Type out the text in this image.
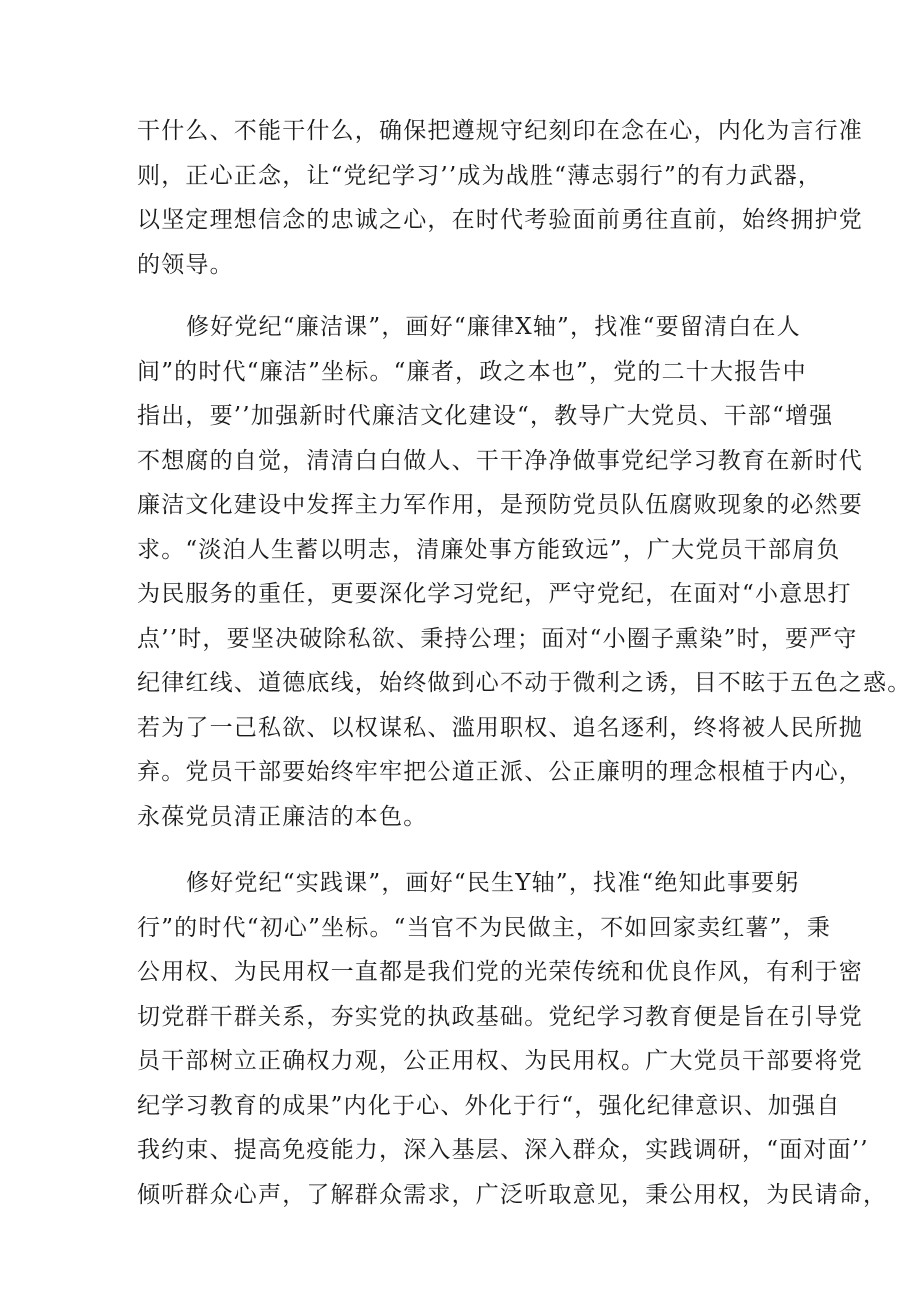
干什么、不能干什么，确保把遵规守纪刻印在念在心，内化为言行准
则，正心正念，让“党纪学习’’成为战胜“薄志弱行”的有力武器，
以坚定理想信念的忠诚之心，在时代考验面前勇往直前，始终拥护党
的领导。

修好党纪“廉洁课”，画好“廉律X轴”，找准“要留清白在人
间”的时代“廉洁”坐标。“廉者，政之本也”，党的二十大报告中
指出，要’’加强新时代廉洁文化建设“，教导广大党员、干部“增强
不想腐的自觉，清清白白做人、干干净净做事党纪学习教育在新时代
廉洁文化建设中发挥主力军作用，是预防党员队伍腐败现象的必然要
求。“淡泊人生蓄以明志，清廉处事方能致远”，广大党员干部肩负
为民服务的重任，更要深化学习党纪，严守党纪，在面对“小意思打
点’’时，要坚决破除私欲、秉持公理；面对“小圈子熏染”时，要严守
纪律红线、道德底线，始终做到心不动于微利之诱，目不眩于五色之惑。
若为了一己私欲、以权谋私、滥用职权、追名逐利，终将被人民所抛
弃。党员干部要始终牢牢把公道正派、公正廉明的理念根植于内心，
永葆党员清正廉洁的本色。

修好党纪“实践课”，画好“民生Y轴”，找准“绝知此事要躬
行”的时代“初心”坐标。“当官不为民做主，不如回家卖红薯”，秉
公用权、为民用权一直都是我们党的光荣传统和优良作风，有利于密
切党群干群关系，夯实党的执政基础。党纪学习教育便是旨在引导党
员干部树立正确权力观，公正用权、为民用权。广大党员干部要将党
纪学习教育的成果”内化于心、外化于行“，强化纪律意识、加强自
我约束、提高免疫能力，深入基层、深入群众，实践调研，“面对面’’
倾听群众心声，了解群众需求，广泛听取意见，秉公用权，为民请命，
